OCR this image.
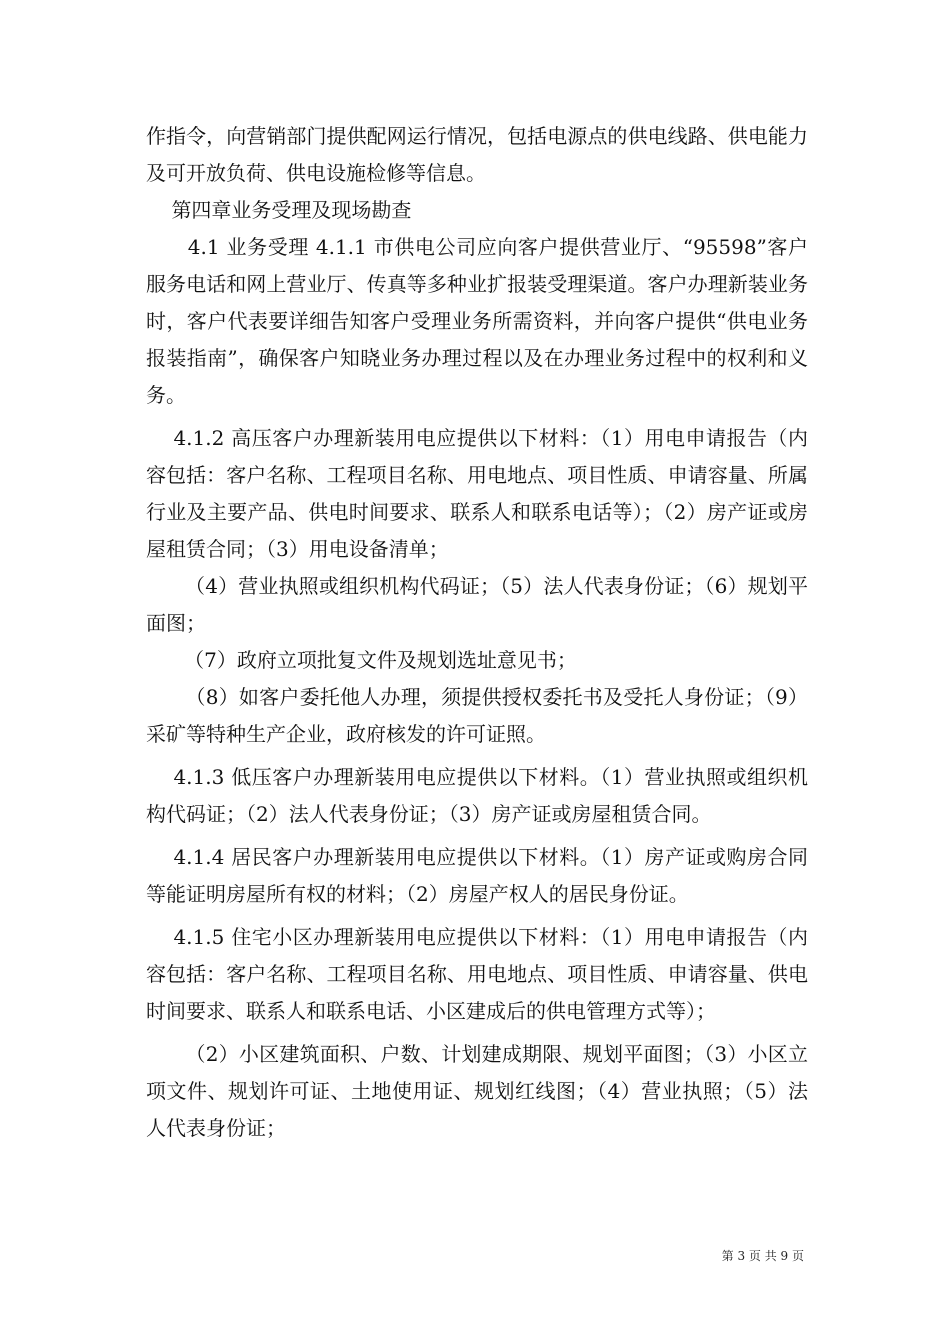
作指令，向营销部门提供配网运行情况，包括电源点的供电线路、供电能力及可开放负荷、供电设施检修等信息。

第四章业务受理及现场勘查

4.1 业务受理 4.1.1 市供电公司应向客户提供营业厅、“95598”客户服务电话和网上营业厅、传真等多种业扩报装受理渠道。客户办理新装业务时，客户代表要详细告知客户受理业务所需资料，并向客户提供“供电业务报装指南”，确保客户知晓业务办理过程以及在办理业务过程中的权利和义务。

4.1.2 高压客户办理新装用电应提供以下材料：（1）用电申请报告（内容包括：客户名称、工程项目名称、用电地点、项目性质、申请容量、所属行业及主要产品、供电时间要求、联系人和联系电话等）；（2）房产证或房屋租赁合同；（3）用电设备清单；

（4）营业执照或组织机构代码证；（5）法人代表身份证；（6）规划平面图；

（7）政府立项批复文件及规划选址意见书；

（8）如客户委托他人办理，须提供授权委托书及受托人身份证；（9）采矿等特种生产企业，政府核发的许可证照。

4.1.3 低压客户办理新装用电应提供以下材料。（1）营业执照或组织机构代码证；（2）法人代表身份证；（3）房产证或房屋租赁合同。

4.1.4 居民客户办理新装用电应提供以下材料。（1）房产证或购房合同等能证明房屋所有权的材料；（2）房屋产权人的居民身份证。

4.1.5 住宅小区办理新装用电应提供以下材料：（1）用电申请报告（内容包括：客户名称、工程项目名称、用电地点、项目性质、申请容量、供电时间要求、联系人和联系电话、小区建成后的供电管理方式等）；

（2）小区建筑面积、户数、计划建成期限、规划平面图；（3）小区立项文件、规划许可证、土地使用证、规划红线图；（4）营业执照；（5）法人代表身份证；

第 3 页 共 9 页
